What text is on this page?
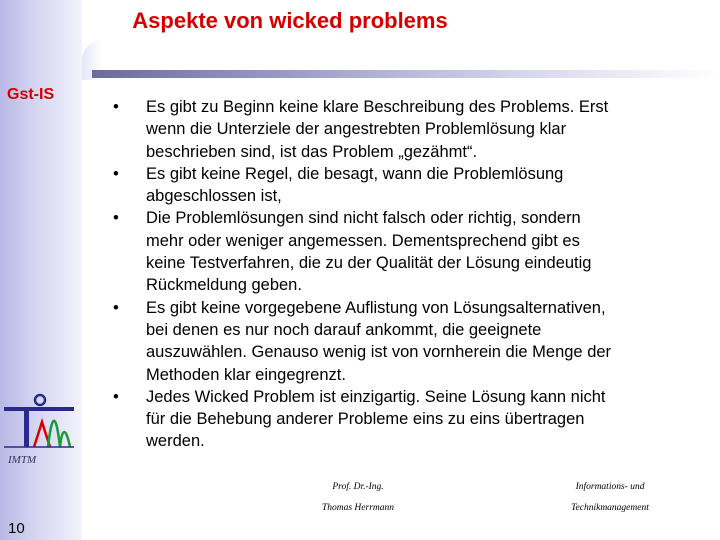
Aspekte von wicked problems
Gst-IS
• Es gibt zu Beginn keine klare Beschreibung des Problems. Erst
wenn die Unterziele der angestrebten Problemlösung klar
beschrieben sind, ist das Problem „gezähmt“.
• Es gibt keine Regel, die besagt, wann die Problemlösung
abgeschlossen ist,
• Die Problemlösungen sind nicht falsch oder richtig, sondern
mehr oder weniger angemessen. Dementsprechend gibt es
keine Testverfahren, die zu der Qualität der Lösung eindeutig
Rückmeldung geben.
• Es gibt keine vorgegebene Auflistung von Lösungsalternativen,
bei denen es nur noch darauf ankommt, die geeignete
auszuwählen. Genauso wenig ist von vornherein die Menge der
Methoden klar eingegrenzt.
• Jedes Wicked Problem ist einzigartig. Seine Lösung kann nicht
für die Behebung anderer Probleme eins zu eins übertragen
werden.
IMTM
10
Prof. Dr.-Ing.
Thomas Herrmann
Informations- und
Technikmanagement
